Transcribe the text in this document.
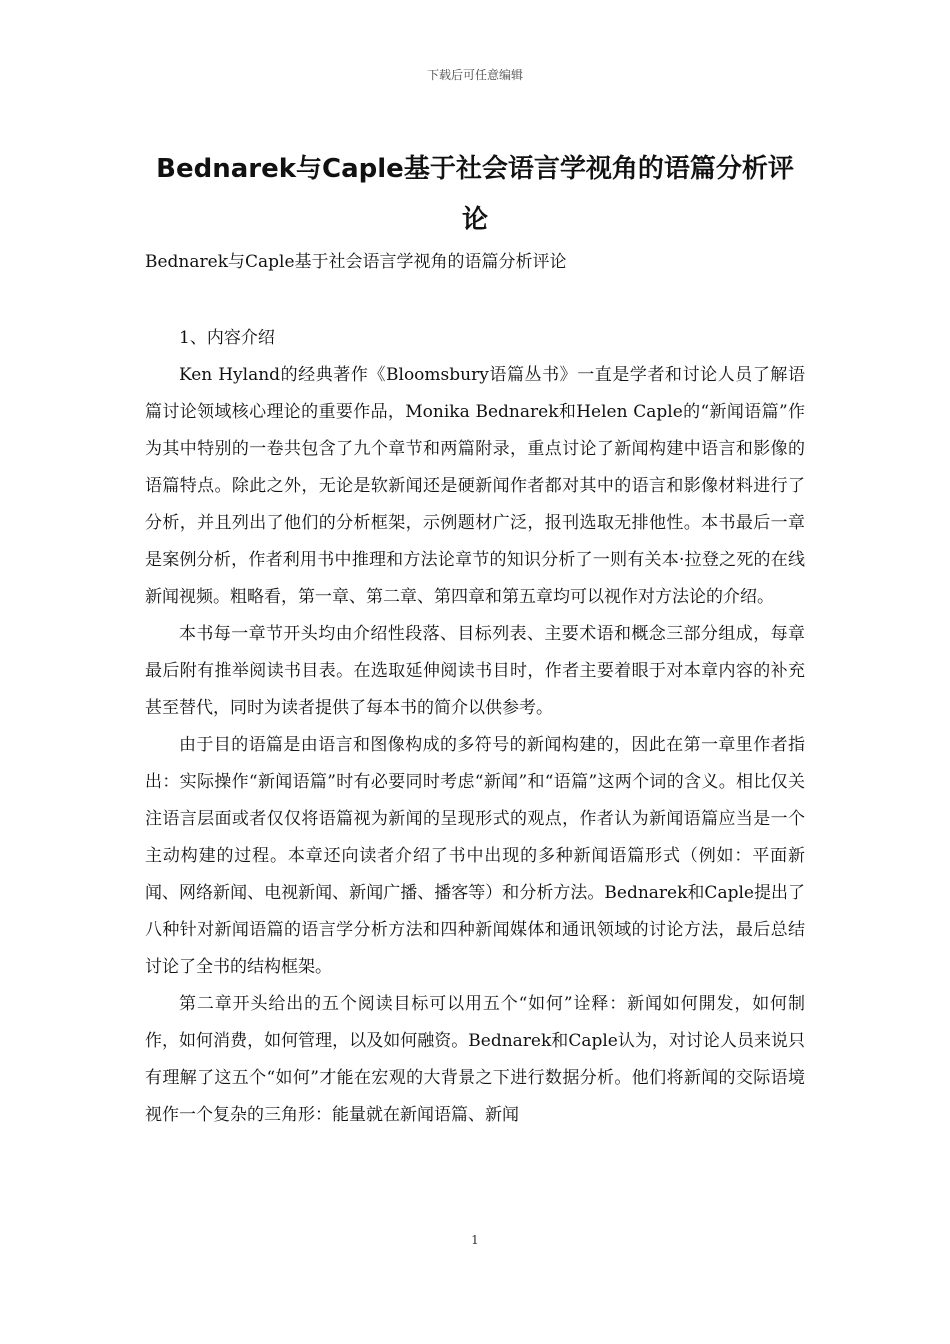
下载后可任意编辑
Bednarek与Caple基于社会语言学视角的语篇分析评论
Bednarek与Caple基于社会语言学视角的语篇分析评论

1、内容介绍

Ken Hyland的经典著作《Bloomsbury语篇丛书》一直是学者和讨论人员了解语篇讨论领域核心理论的重要作品，Monika Bednarek和Helen Caple的“新闻语篇”作为其中特别的一卷共包含了九个章节和两篇附录，重点讨论了新闻构建中语言和影像的语篇特点。除此之外，无论是软新闻还是硬新闻作者都对其中的语言和影像材料进行了分析，并且列出了他们的分析框架，示例题材广泛，报刊选取无排他性。本书最后一章是案例分析，作者利用书中推理和方法论章节的知识分析了一则有关本·拉登之死的在线新闻视频。粗略看，第一章、第二章、第四章和第五章均可以视作对方法论的介绍。

本书每一章节开头均由介绍性段落、目标列表、主要术语和概念三部分组成，每章最后附有推举阅读书目表。在选取延伸阅读书目时，作者主要着眼于对本章内容的补充甚至替代，同时为读者提供了每本书的简介以供参考。

由于目的语篇是由语言和图像构成的多符号的新闻构建的，因此在第一章里作者指出：实际操作“新闻语篇”时有必要同时考虑“新闻”和“语篇”这两个词的含义。相比仅关注语言层面或者仅仅将语篇视为新闻的呈现形式的观点，作者认为新闻语篇应当是一个主动构建的过程。本章还向读者介绍了书中出现的多种新闻语篇形式（例如：平面新闻、网络新闻、电视新闻、新闻广播、播客等）和分析方法。Bednarek和Caple提出了八种针对新闻语篇的语言学分析方法和四种新闻媒体和通讯领域的讨论方法，最后总结讨论了全书的结构框架。

第二章开头给出的五个阅读目标可以用五个“如何”诠释：新闻如何開发，如何制作，如何消费，如何管理，以及如何融资。Bednarek和Caple认为，对讨论人员来说只有理解了这五个“如何”才能在宏观的大背景之下进行数据分析。他们将新闻的交际语境视作一个复杂的三角形：能量就在新闻语篇、新闻

1
